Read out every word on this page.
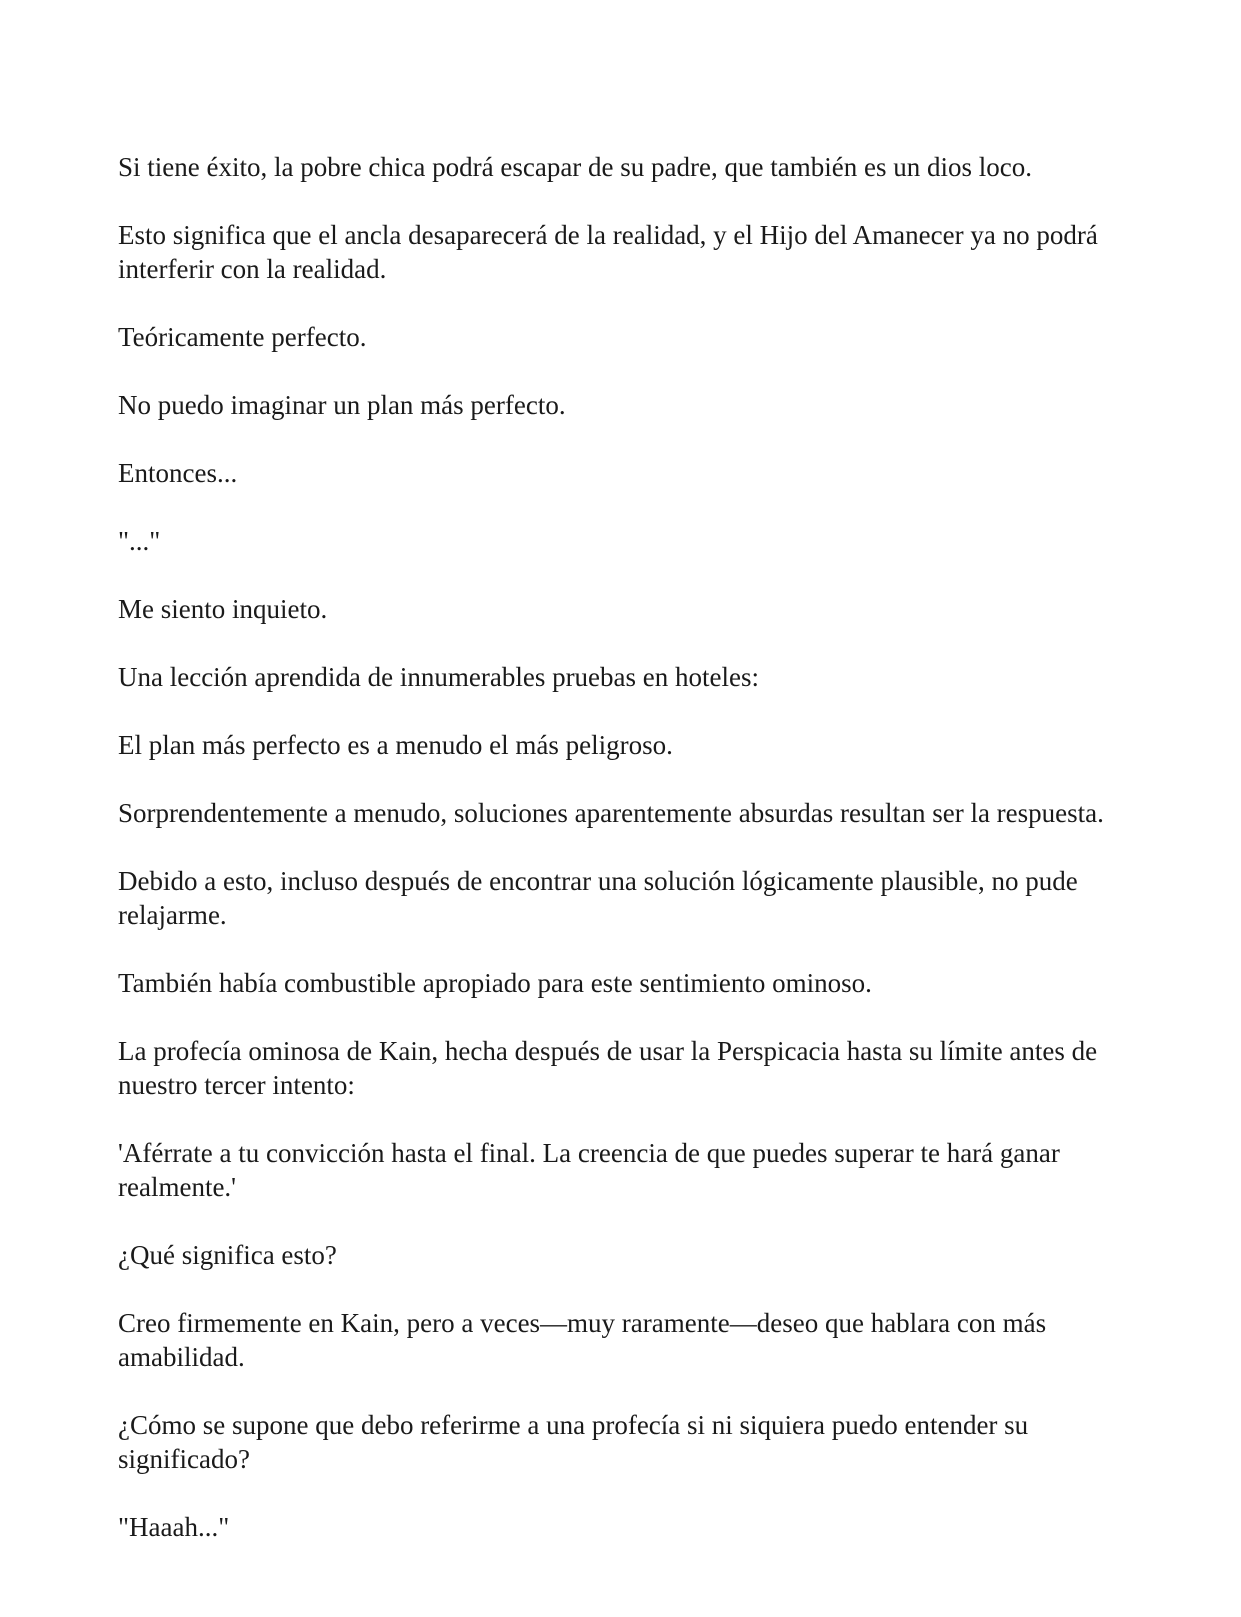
Si tiene éxito, la pobre chica podrá escapar de su padre, que también es un dios loco.

Esto significa que el ancla desaparecerá de la realidad, y el Hijo del Amanecer ya no podrá interferir con la realidad.

Teóricamente perfecto.

No puedo imaginar un plan más perfecto.

Entonces...

"..."

Me siento inquieto.

Una lección aprendida de innumerables pruebas en hoteles:

El plan más perfecto es a menudo el más peligroso.

Sorprendentemente a menudo, soluciones aparentemente absurdas resultan ser la respuesta.

Debido a esto, incluso después de encontrar una solución lógicamente plausible, no pude relajarme.

También había combustible apropiado para este sentimiento ominoso.

La profecía ominosa de Kain, hecha después de usar la Perspicacia hasta su límite antes de nuestro tercer intento:

'Aférrate a tu convicción hasta el final. La creencia de que puedes superar te hará ganar realmente.'

¿Qué significa esto?

Creo firmemente en Kain, pero a veces—muy raramente—deseo que hablara con más amabilidad.

¿Cómo se supone que debo referirme a una profecía si ni siquiera puedo entender su significado?

"Haaah..."
